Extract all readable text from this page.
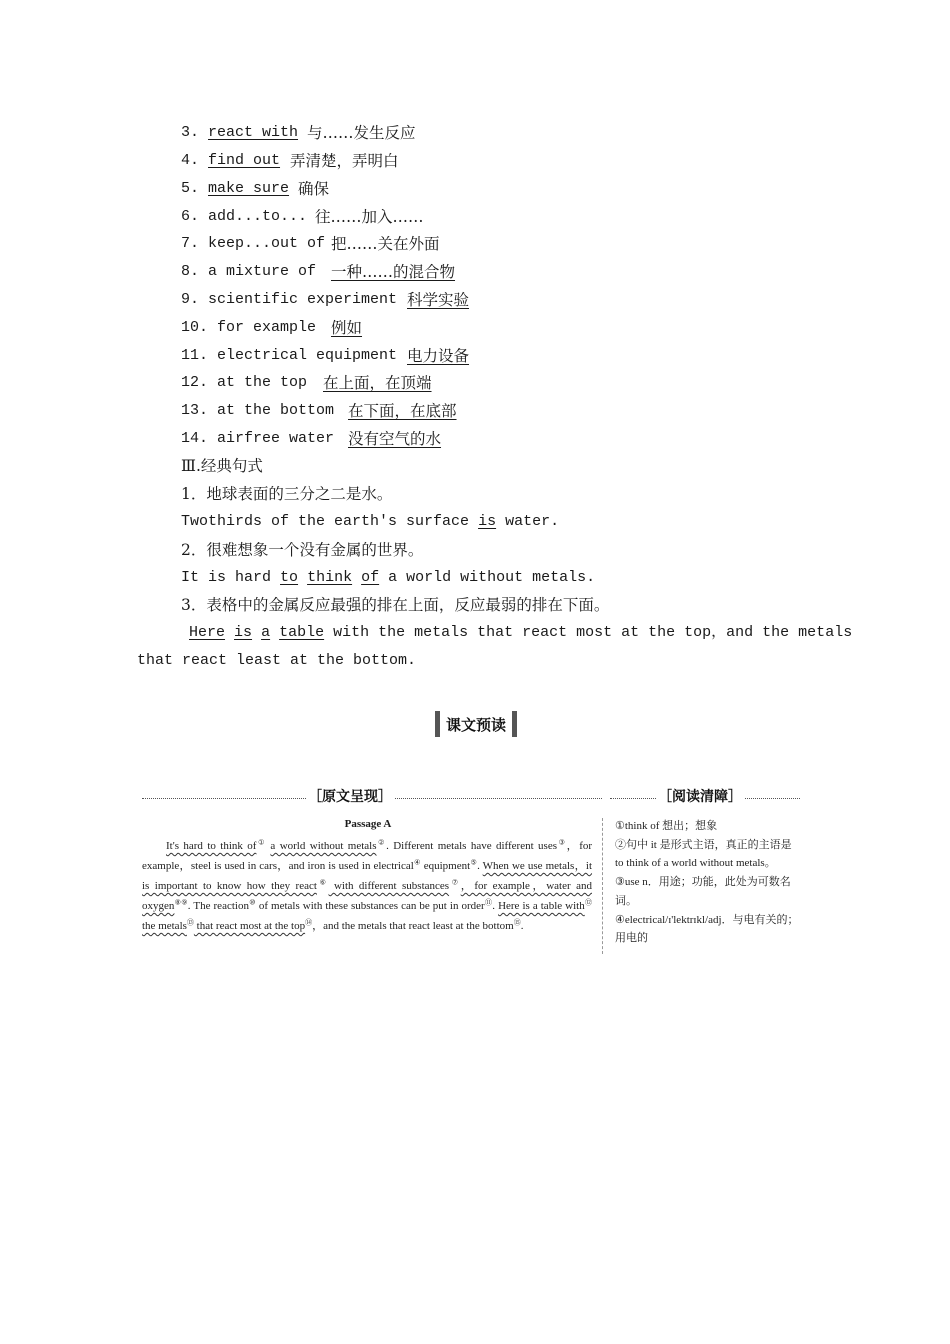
3. react with 与……发生反应
4. find out 弄清楚，弄明白
5. make sure 确保
6. add...to... 往……加入……
7. keep...out of 把……关在外面
8. a mixture of 一种……的混合物
9. scientific experiment 科学实验
10. for example 例如
11. electrical equipment 电力设备
12. at the top 在上面，在顶端
13. at the bottom 在下面，在底部
14. airfree water 没有空气的水
Ⅲ.经典句式
1．地球表面的三分之二是水。
Twothirds of the earth's surface is water.
2．很难想象一个没有金属的世界。
It is hard to think of a world without metals.
3．表格中的金属反应最强的排在上面，反应最弱的排在下面。
Here is a table with the metals that react most at the top，and the metals
that react least at the bottom.
课文预读
［原文呈现］	［阅读清障］
Passage A
It's hard to think of① a world without metals②. Different metals have different uses③，for example，steel is used in cars，and iron is used in electrical④ equipment⑤. When we use metals，it is important to know how they react⑥ with different substances⑦，for example，water and oxygen⑧⑨. The reaction⑩ of metals with these substances can be put in order⑪. Here is a table with⑫ the metals⑬ that react most at the top⑭，and the metals that react least at the bottom⑮.

①think of 想出；想象

②句中 it 是形式主语，真正的主语是 to think of a world without metals。

③use n．用途；功能，此处为可数名词。

④electrical/ɪ'lektrɪkl/adj．与电有关的；用电的
